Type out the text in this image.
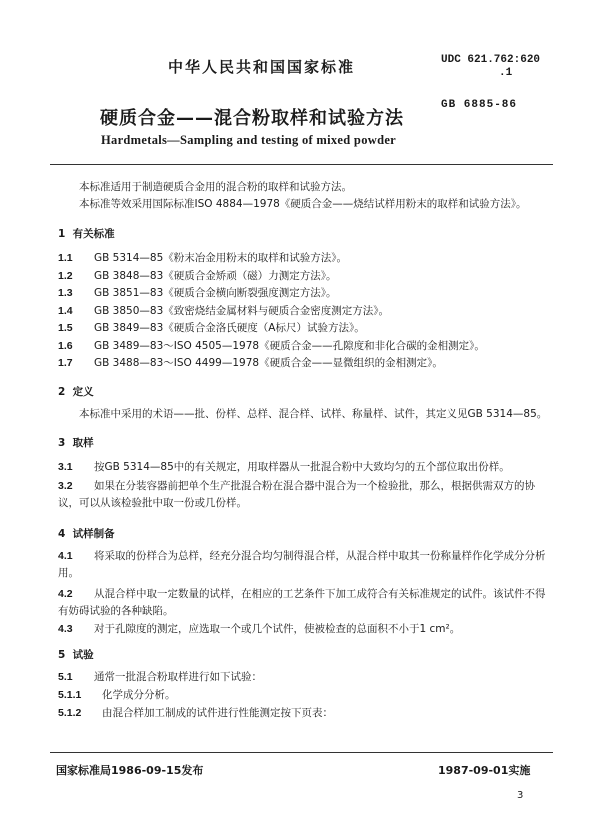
中华人民共和国国家标准	UDC 621.762:620
.1
GB 6885-86
硬质合金——混合粉取样和试验方法
Hardmetals—Sampling and testing of mixed powder
本标准适用于制造硬质合金用的混合粉的取样和试验方法。
本标准等效采用国际标准ISO 4884—1978《硬质合金——烧结试样用粉末的取样和试验方法》。
1 有关标准
1.1 GB 5314—85《粉末冶金用粉末的取样和试验方法》。
1.2 GB 3848—83《硬质合金矫顽（磁）力测定方法》。
1.3 GB 3851—83《硬质合金横向断裂强度测定方法》。
1.4 GB 3850—83《致密烧结金属材料与硬质合金密度测定方法》。
1.5 GB 3849—83《硬质合金洛氏硬度（A标尺）试验方法》。
1.6 GB 3489—83～ISO 4505—1978《硬质合金——孔隙度和非化合碳的金相测定》。
1.7 GB 3488—83～ISO 4499—1978《硬质合金——显微组织的金相测定》。
2 定义
本标准中采用的术语——批、份样、总样、混合样、试样、称量样、试件，其定义见GB 5314—85。
3 取样
3.1 按GB 5314—85中的有关规定，用取样器从一批混合粉中大致均匀的五个部位取出份样。
3.2 如果在分装容器前把单个生产批混合粉在混合器中混合为一个检验批，那么，根据供需双方的协议，可以从该检验批中取一份或几份样。
4 试样制备
4.1 将采取的份样合为总样，经充分混合均匀制得混合样，从混合样中取其一份称量样作化学成分分析用。
4.2 从混合样中取一定数量的试样，在相应的工艺条件下加工成符合有关标准规定的试件。该试件不得有妨碍试验的各种缺陷。
4.3 对于孔隙度的测定，应选取一个或几个试件，使被检查的总面积不小于1 cm²。
5 试验
5.1 通常一批混合粉取样进行如下试验：
5.1.1 化学成分分析。
5.1.2 由混合样加工制成的试件进行性能测定按下页表：
国家标准局1986-09-15发布	1987-09-01实施
3
